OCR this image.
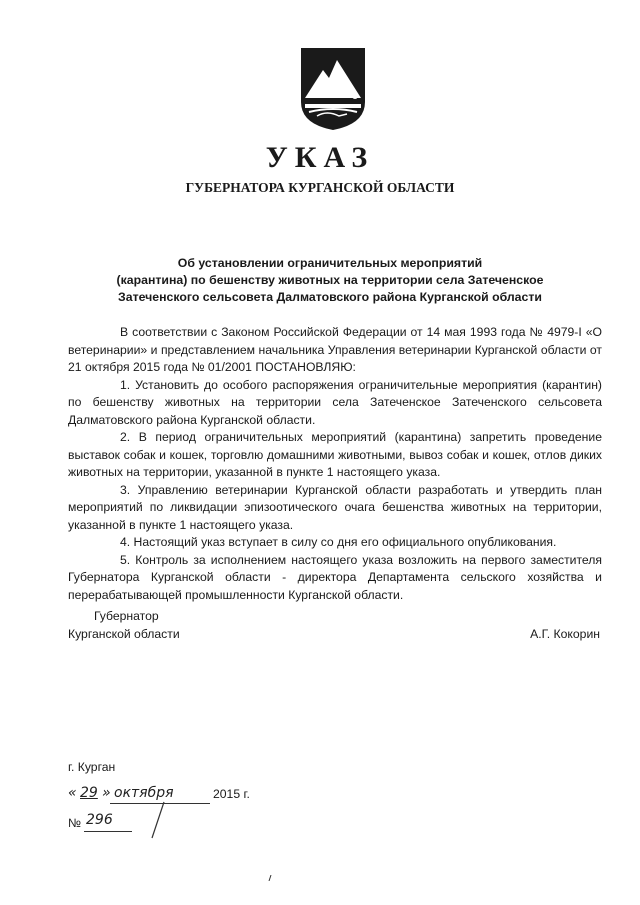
УКАЗ
ГУБЕРНАТОРА КУРГАНСКОЙ ОБЛАСТИ
Об установлении ограничительных мероприятий
(карантина) по бешенству животных на территории села Затеченское
Затеченского сельсовета Далматовского района Курганской области

В соответствии с Законом Российской Федерации от 14 мая 1993 года № 4979-I «О ветеринарии» и представлением начальника Управления ветеринарии Курганской области от 21 октября 2015 года № 01/2001 ПОСТАНОВЛЯЮ:

1. Установить до особого распоряжения ограничительные мероприятия (карантин) по бешенству животных на территории села Затеченское Затеченского сельсовета Далматовского района Курганской области.

2. В период ограничительных мероприятий (карантина) запретить проведение выставок собак и кошек, торговлю домашними животными, вывоз собак и кошек, отлов диких животных на территории, указанной в пункте 1 настоящего указа.

3. Управлению ветеринарии Курганской области разработать и утвердить план мероприятий по ликвидации эпизоотического очага бешенства животных на территории, указанной в пункте 1 настоящего указа.

4. Настоящий указ вступает в силу со дня его официального опубликования.

5. Контроль за исполнением настоящего указа возложить на первого заместителя Губернатора Курганской области - директора Департамента сельского хозяйства и перерабатывающей промышленности Курганской области.

Губернатор
Курганской области	А.Г. Кокорин
г. Курган
« 29 » октября	2015 г.
№ 296
